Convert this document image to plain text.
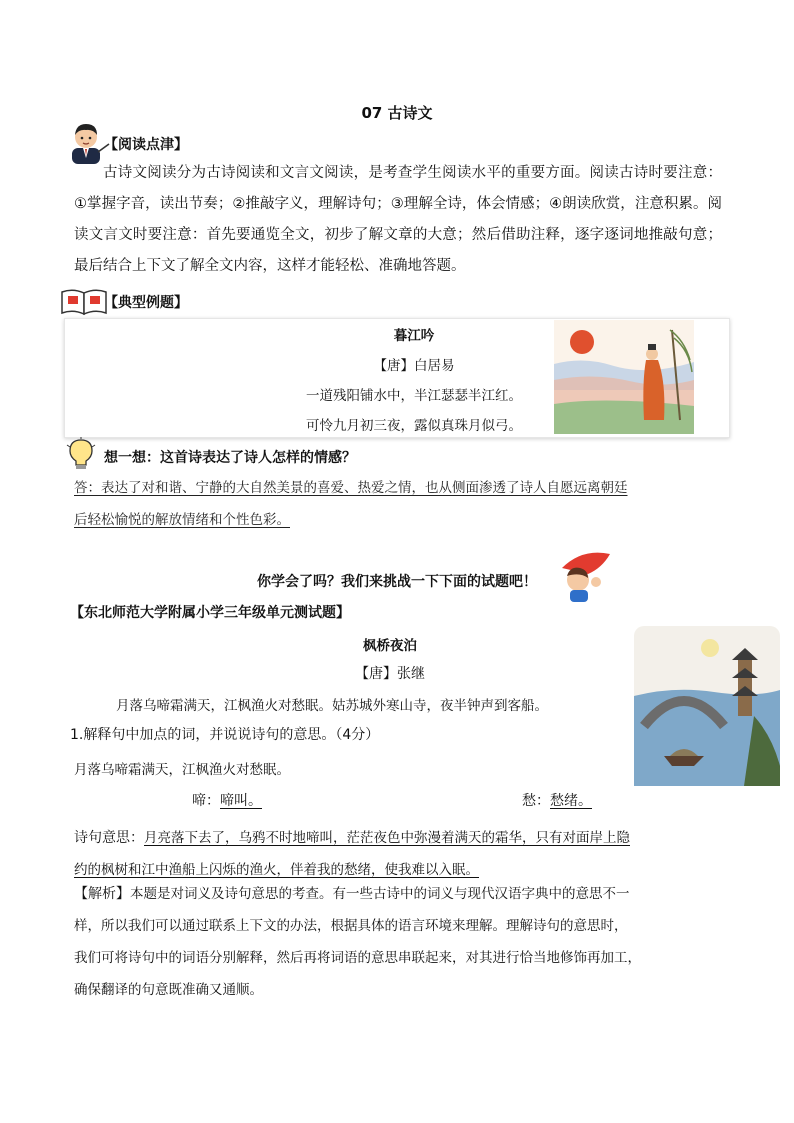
07 古诗文
【阅读点津】

古诗文阅读分为古诗阅读和文言文阅读，是考查学生阅读水平的重要方面。阅读古诗时要注意：①掌握字音，读出节奏；②推敲字义，理解诗句；③理解全诗，体会情感；④朗读欣赏，注意积累。阅读文言文时要注意：首先要通览全文，初步了解文章的大意；然后借助注释，逐字逐词地推敲句意；最后结合上下文了解全文内容，这样才能轻松、准确地答题。

【典型例题】
暮江吟
【唐】白居易
一道残阳铺水中，半江瑟瑟半江红。
可怜九月初三夜，露似真珠月似弓。
想一想：这首诗表达了诗人怎样的情感？
答：表达了对和谐、宁静的大自然美景的喜爱、热爱之情，也从侧面渗透了诗人自愿远离朝廷
后轻松愉悦的解放情绪和个性色彩。
你学会了吗？我们来挑战一下下面的试题吧！
【东北师范大学附属小学三年级单元测试题】
枫桥夜泊
【唐】张继
月落乌啼霜满天，江枫渔火对愁眠。姑苏城外寒山寺，夜半钟声到客船。
1.解释句中加点的词，并说说诗句的意思。（4分）
月落乌啼霜满天，江枫渔火对愁眠。
啼：啼叫。	愁：愁绪。
诗句意思：月亮落下去了，乌鸦不时地啼叫，茫茫夜色中弥漫着满天的霜华，只有对面岸上隐
约的枫树和江中渔船上闪烁的渔火，伴着我的愁绪，使我难以入眠。
【解析】本题是对词义及诗句意思的考查。有一些古诗中的词义与现代汉语字典中的意思不一
样，所以我们可以通过联系上下文的办法，根据具体的语言环境来理解。理解诗句的意思时，
我们可将诗句中的词语分别解释，然后再将词语的意思串联起来，对其进行恰当地修饰再加工，
确保翻译的句意既准确又通顺。
